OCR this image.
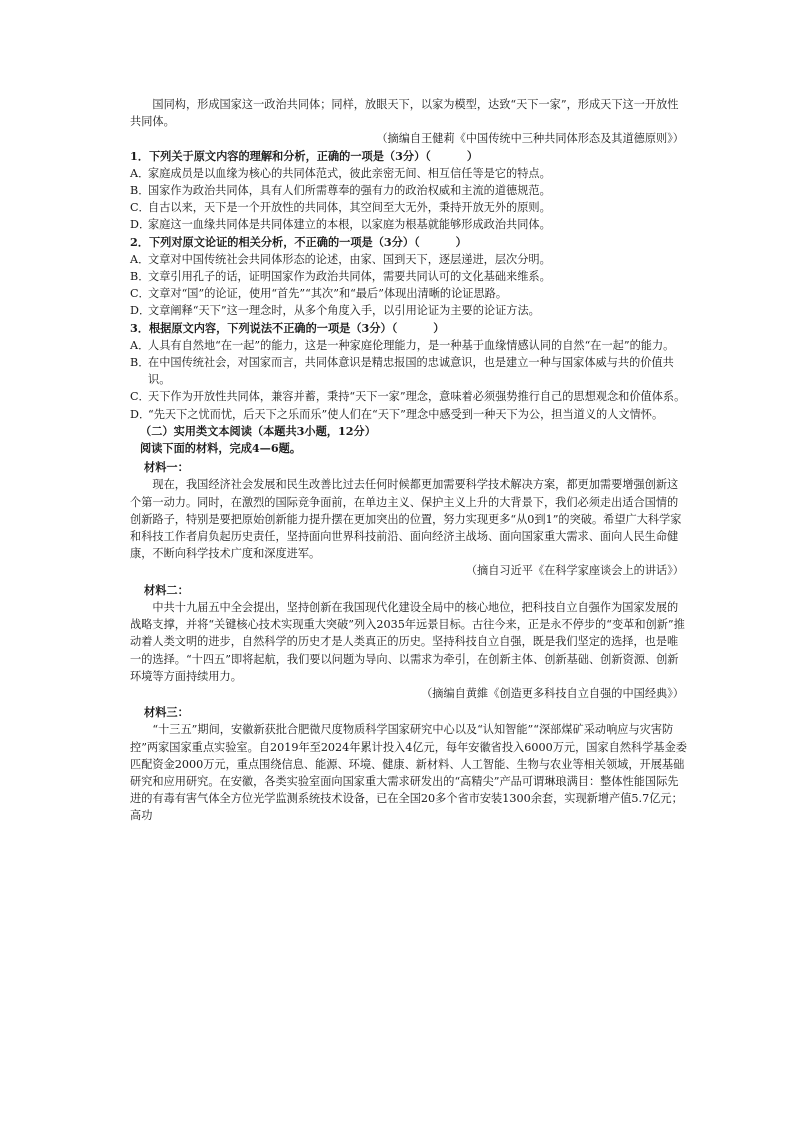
国同构，形成国家这一政治共同体；同样，放眼天下，以家为模型，达致“天下一家”，形成天下这一开放性共同体。

（摘编自王健莉《中国传统中三种共同体形态及其道德原则》）

1．下列关于原文内容的理解和分析，正确的一项是（3分）（	）

A．家庭成员是以血缘为核心的共同体范式，彼此亲密无间、相互信任等是它的特点。

B．国家作为政治共同体，具有人们所需尊奉的强有力的政治权威和主流的道德规范。

C．自古以来，天下是一个开放性的共同体，其空间至大无外，秉持开放无外的原则。

D．家庭这一血缘共同体是共同体建立的本根，以家庭为根基就能够形成政治共同体。

2．下列对原文论证的相关分析，不正确的一项是（3分）（	）

A．文章对中国传统社会共同体形态的论述，由家、国到天下，逐层递进，层次分明。

B．文章引用孔子的话，证明国家作为政治共同体，需要共同认可的文化基础来维系。

C．文章对“国”的论证，使用“首先”“其次”和“最后”体现出清晰的论证思路。

D．文章阐释“天下”这一理念时，从多个角度入手，以引用论证为主要的论证方法。

3．根据原文内容，下列说法不正确的一项是（3分）（	）

A．人具有自然地“在一起”的能力，这是一种家庭伦理能力，是一种基于血缘情感认同的自然“在一起”的能力。

B．在中国传统社会，对国家而言，共同体意识是精忠报国的忠诚意识，也是建立一种与国家体威与共的价值共识。

C．天下作为开放性共同体，兼容并蓄，秉持“天下一家”理念，意味着必须强势推行自己的思想观念和价值体系。

D．“先天下之忧而忧，后天下之乐而乐”使人们在“天下”理念中感受到一种天下为公，担当道义的人文情怀。

（二）实用类文本阅读（本题共3小题，12分）

阅读下面的材料，完成4—6题。

材料一：

现在，我国经济社会发展和民生改善比过去任何时候都更加需要科学技术解决方案，都更加需要增强创新这个第一动力。同时，在激烈的国际竞争面前，在单边主义、保护主义上升的大背景下，我们必须走出适合国情的创新路子，特别是要把原始创新能力提升摆在更加突出的位置，努力实现更多“从0到1”的突破。希望广大科学家和科技工作者肩负起历史责任，坚持面向世界科技前沿、面向经济主战场、面向国家重大需求、面向人民生命健康，不断向科学技术广度和深度进军。

（摘自习近平《在科学家座谈会上的讲话》）

材料二：

中共十九届五中全会提出，坚持创新在我国现代化建设全局中的核心地位，把科技自立自强作为国家发展的战略支撑，并将“关键核心技术实现重大突破”列入2035年远景目标。古往今来，正是永不停步的“变革和创新”推动着人类文明的进步，自然科学的历史才是人类真正的历史。坚持科技自立自强，既是我们坚定的选择，也是唯一的选择。“十四五”即将起航，我们要以问题为导向、以需求为牵引，在创新主体、创新基础、创新资源、创新环境等方面持续用力。

（摘编自黄維《创造更多科技自立自强的中国经典》）

材料三：

“十三五”期间，安徽新获批合肥微尺度物质科学国家研究中心以及“认知智能”“深部煤矿采动响应与灾害防控”两家国家重点实验室。自2019年至2024年累计投入4亿元，每年安徽省投入6000万元，国家自然科学基金委匹配资金2000万元，重点围绕信息、能源、环境、健康、新材料、人工智能、生物与农业等相关领域，开展基础研究和应用研究。在安徽，各类实验室面向国家重大需求研发出的“高精尖”产品可谓琳琅满目：整体性能国际先进的有毒有害气体全方位光学监测系统技术设备，已在全国20多个省市安装1300余套，实现新增产值5.7亿元；高功
